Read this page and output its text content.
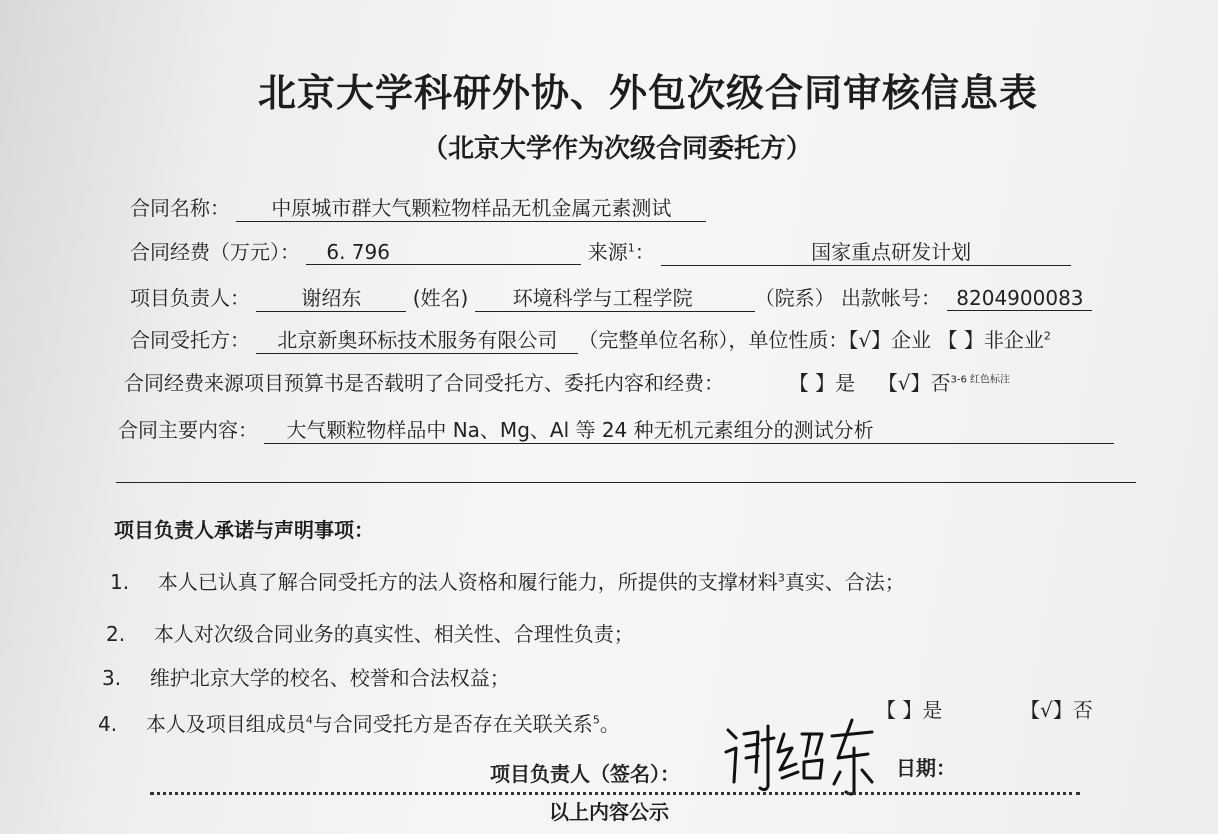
北京大学科研外协、外包次级合同审核信息表
（北京大学作为次级合同委托方）
合同名称： 中原城市群大气颗粒物样品无机金属元素测试
合同经费（万元）： 6. 796	来源$^1$：	国家重点研发计划
项目负责人：	谢绍东	(姓名) 环境科学与工程学院	（院系） 出款帐号： 8204900083
合同受托方： 北京新奥环标技术服务有限公司 （完整单位名称），单位性质：【√】企业 【 】非企业$^2$
合同经费来源项目预算书是否载明了合同受托方、委托内容和经费：	【 】是 【√】否$^{3-6 红色标注}$
合同主要内容： 大气颗粒物样品中 Na、Mg、Al 等 24 种无机元素组分的测试分析
项目负责人承诺与声明事项：
1. 本人已认真了解合同受托方的法人资格和履行能力，所提供的支撑材料$^3$真实、合法；
2. 本人对次级合同业务的真实性、相关性、合理性负责；
3. 维护北京大学的校名、校誉和合法权益；
4. 本人及项目组成员$^4$与合同受托方是否存在关联关系$^5$。
【 】是	【√】否
项目负责人（签名）：	日期：
以上内容公示
